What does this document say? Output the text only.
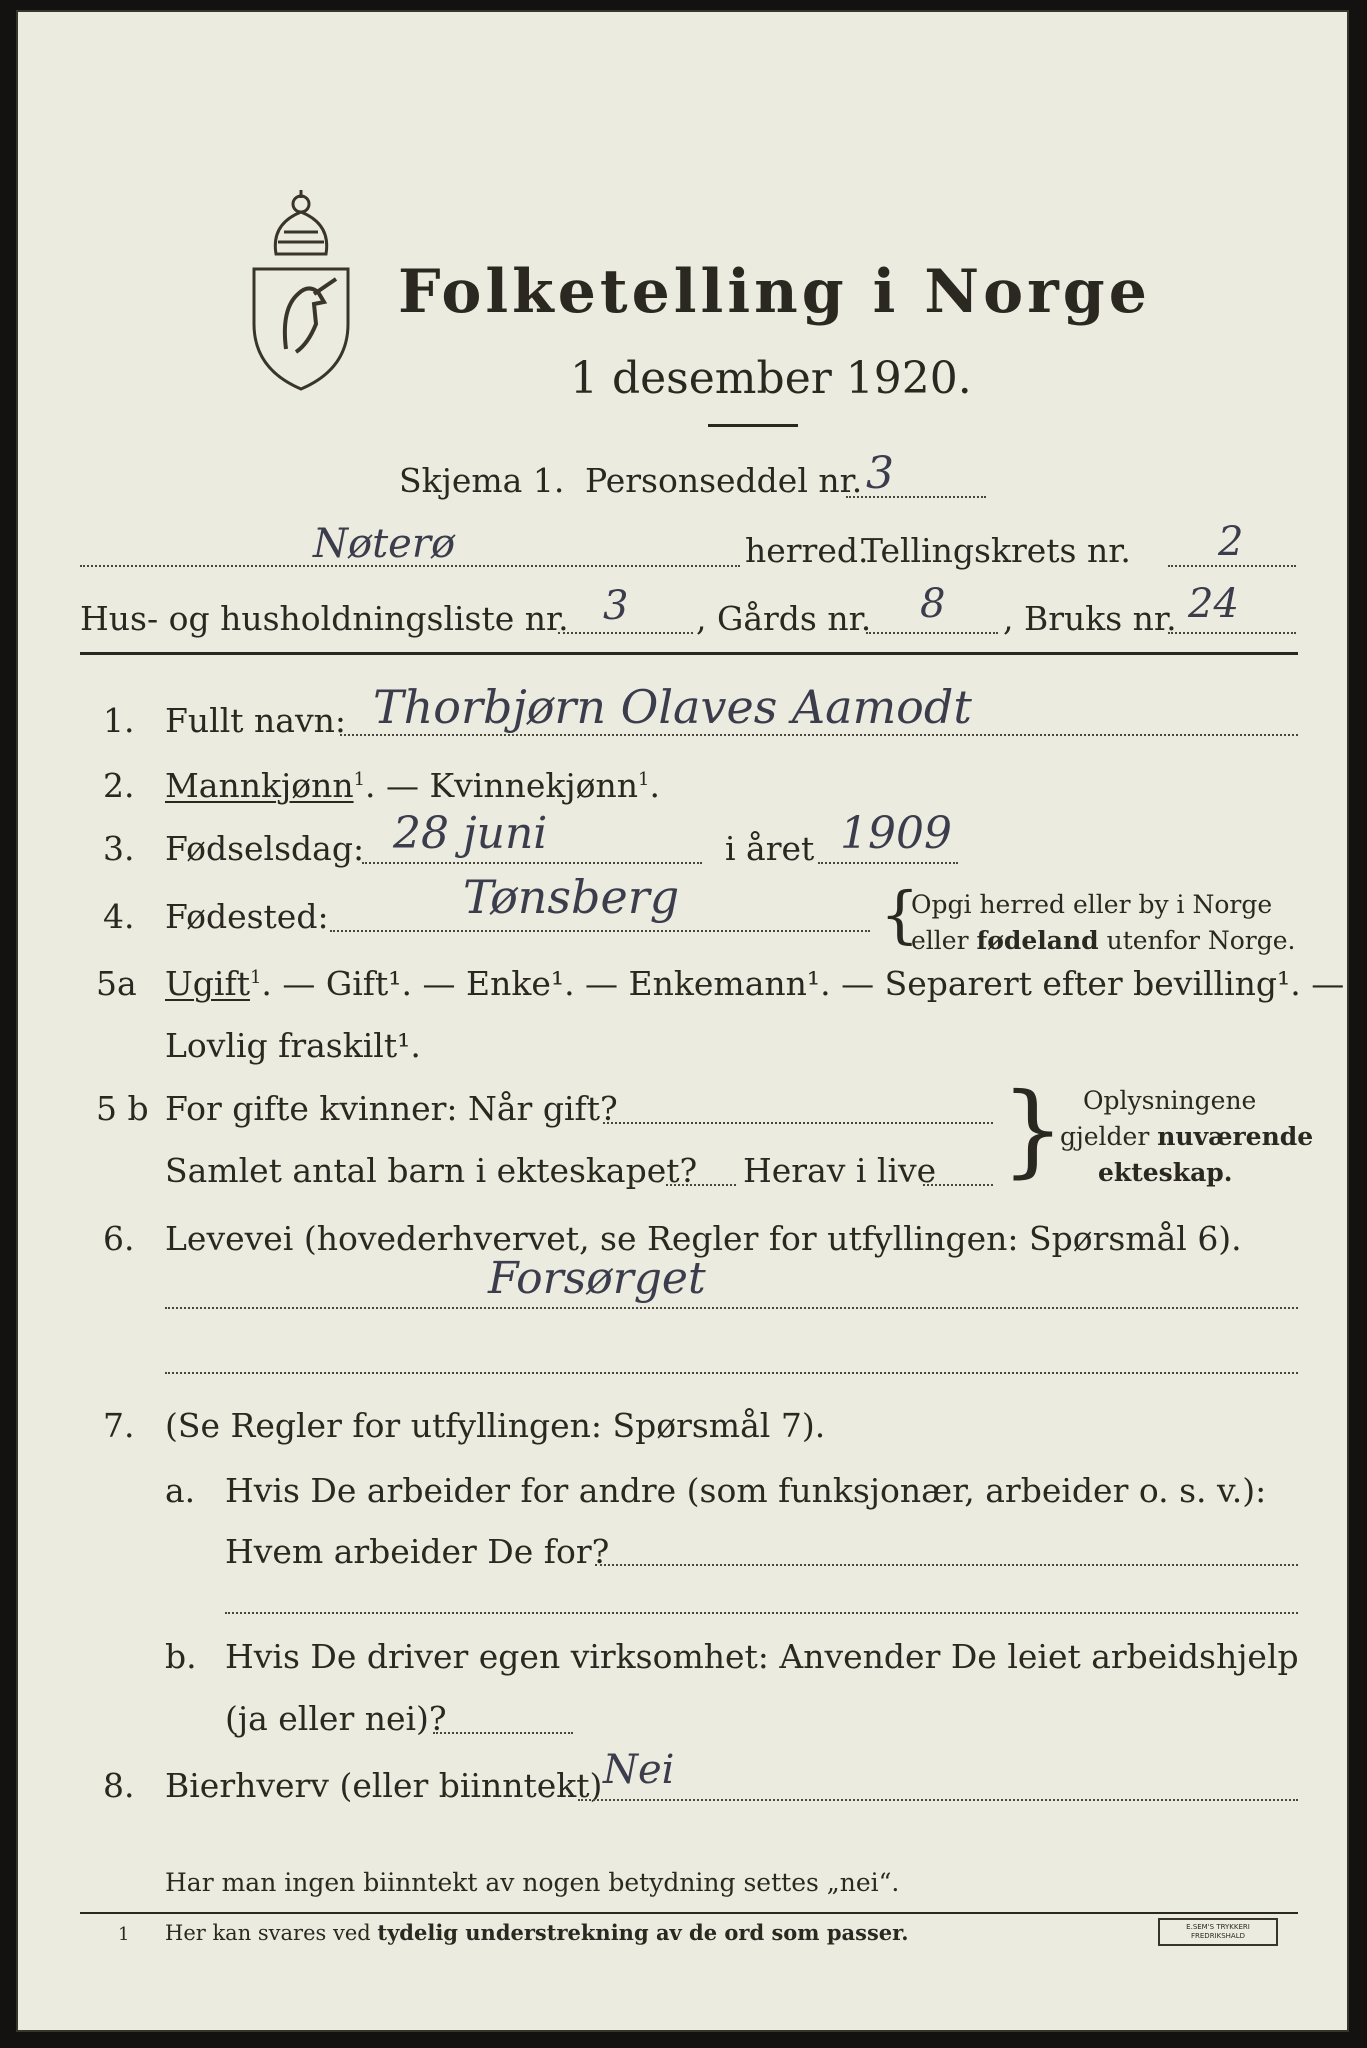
Folketelling i Norge
1 desember 1920.
Skjema 1. Personseddel nr. 3
Nøterø	herred.
Tellingskrets nr. 2
Hus- og husholdningsliste nr. 3 , Gårds nr. 8 , Bruks nr. 24
1. Fullt navn: Thorbjørn Olaves Aamodt
2. Mannkjønn$^1$. — Kvinnekjønn$^1$.
3. Fødselsdag: 28 juni	i året 1909
4. Fødested:	Tønsberg	{
Opgi herred eller by i Norge
eller fødeland utenfor Norge.
5a Ugift$^1$. — Gift¹. — Enke¹. — Enkemann¹. — Separert efter bevilling¹. —
Lovlig fraskilt¹.
5 b For gifte kvinner: Når gift?
Samlet antal barn i ekteskapet? Herav i live } Oplysningene
gjelder nuværende
ekteskap.
6. Levevei (hovederhvervet, se Regler for utfyllingen: Spørsmål 6).
Forsørget
7. (Se Regler for utfyllingen: Spørsmål 7).
a. Hvis De arbeider for andre (som funksjonær, arbeider o. s. v.):
Hvem arbeider De for?
b. Hvis De driver egen virksomhet: Anvender De leiet arbeidshjelp
(ja eller nei)?
8. Bierhverv (eller biinntekt) Nei
Har man ingen biinntekt av nogen betydning settes „nei“.
1 Her kan svares ved tydelig understrekning av de ord som passer.	E.SEM'S TRYKKERI
FREDRIKSHALD
